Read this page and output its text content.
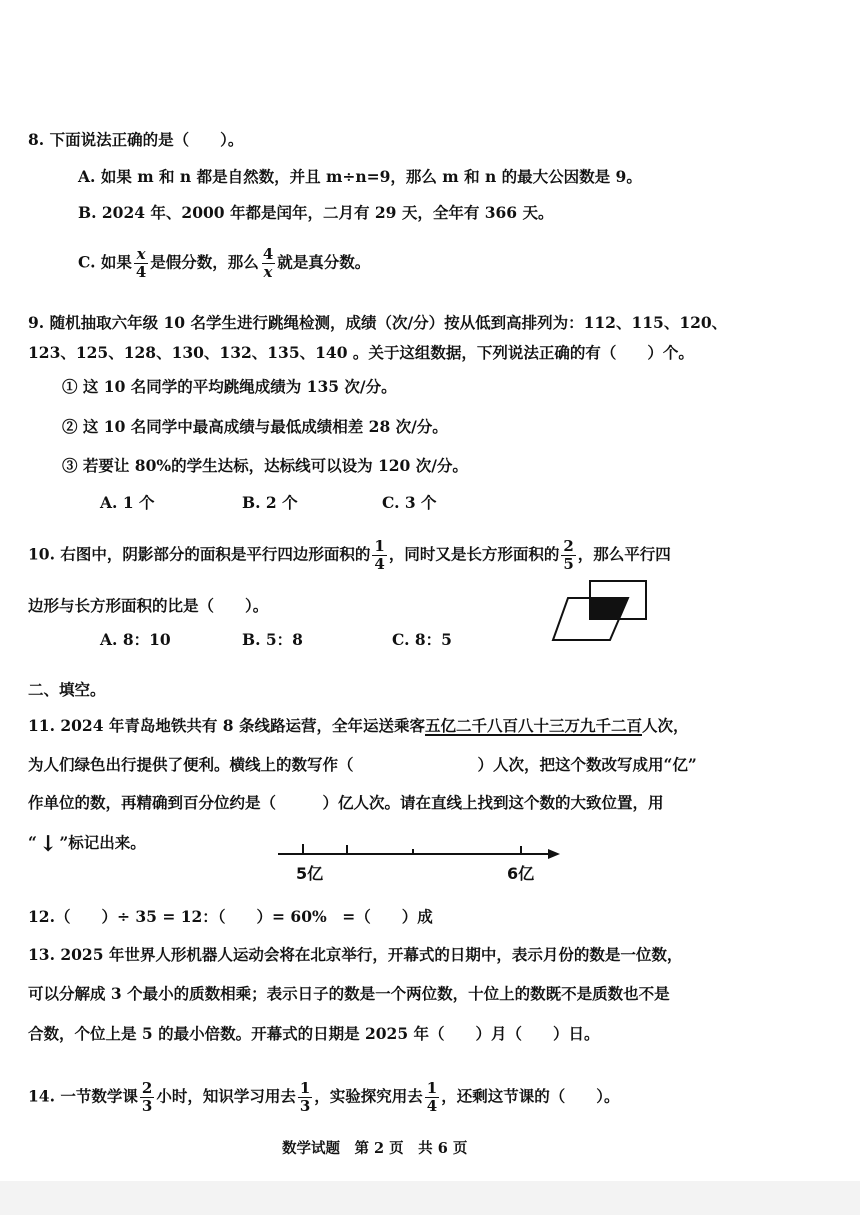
8. 下面说法正确的是（　　）。
A. 如果 m 和 n 都是自然数，并且 m÷n=9，那么 m 和 n 的最大公因数是 9。
B. 2024 年、2000 年都是闰年，二月有 29 天，全年有 366 天。
C. 如果 $\frac{x}{4}$ 是假分数，那么 $\frac{4}{x}$ 就是真分数。
9. 随机抽取六年级 10 名学生进行跳绳检测，成绩（次/分）按从低到高排列为：112、115、120、
123、125、128、130、132、135、140 。关于这组数据，下列说法正确的有（　　）个。
① 这 10 名同学的平均跳绳成绩为 135 次/分。
② 这 10 名同学中最高成绩与最低成绩相差 28 次/分。
③ 若要让 80%的学生达标，达标线可以设为 120 次/分。
A. 1 个	B. 2 个	C. 3 个
10. 右图中，阴影部分的面积是平行四边形面积的 $\frac{1}{4}$ ，同时又是长方形面积的 $\frac{2}{5}$ ，那么平行四
边形与长方形面积的比是（　　）。
A. 8：10	B. 5：8	C. 8：5
二、填空。
11. 2024 年青岛地铁共有 8 条线路运营，全年运送乘客五亿二千八百八十三万九千二百人次，
为人们绿色出行提供了便利。横线上的数写作（　　　　　　　　）人次，把这个数改写成用“亿”
作单位的数，再精确到百分位约是（　　　）亿人次。请在直线上找到这个数的大致位置，用
“↓ ”标记出来。
5亿	6亿
12.（　　）÷ 35 = 12：（　　）= 60%　=（　　）成
13. 2025 年世界人形机器人运动会将在北京举行，开幕式的日期中，表示月份的数是一位数，
可以分解成 3 个最小的质数相乘；表示日子的数是一个两位数，十位上的数既不是质数也不是
合数，个位上是 5 的最小倍数。开幕式的日期是 2025 年（　　）月（　　）日。
14. 一节数学课 $\frac{2}{3}$ 小时，知识学习用去 $\frac{1}{3}$ ，实验探究用去 $\frac{1}{4}$ ，还剩这节课的（　　）。
数学试题　第 2 页　共 6 页
